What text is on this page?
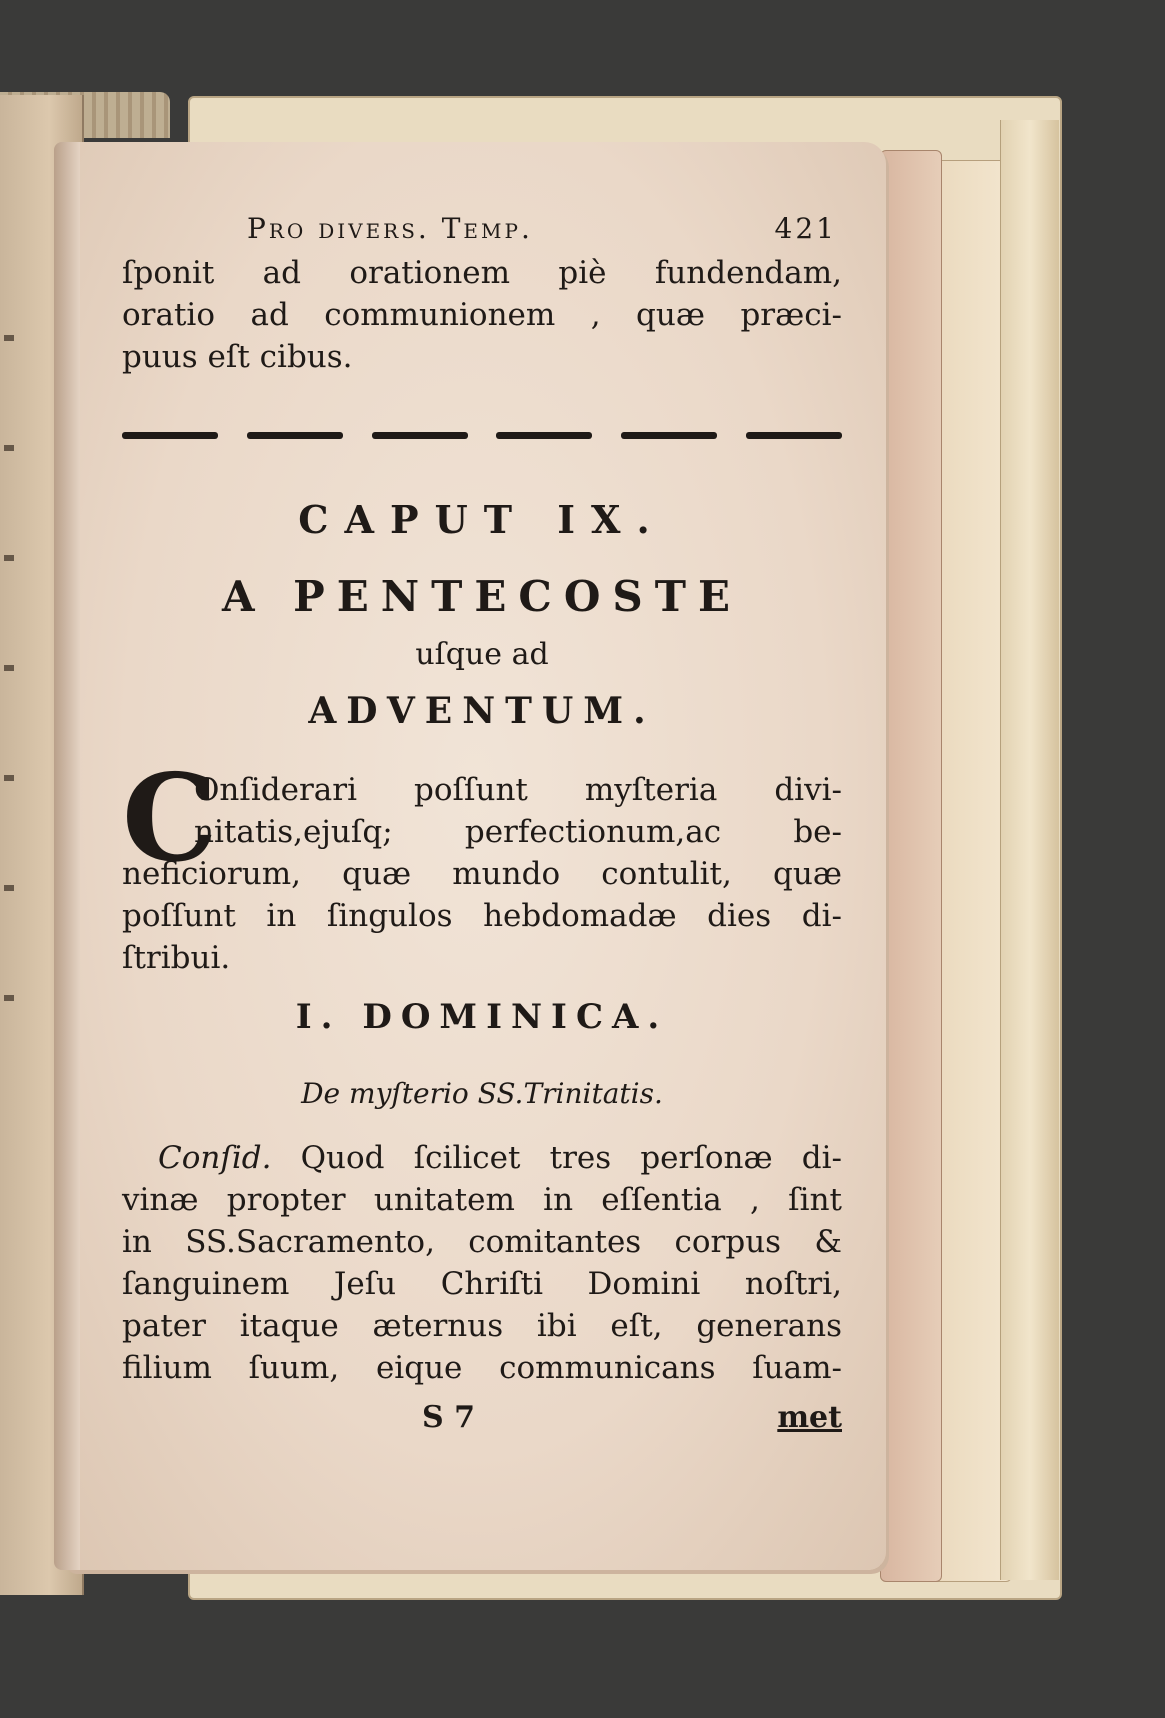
Pro divers. Temp.	421
ſponit ad orationem piè fundendam,
oratio ad communionem , quæ præci-
puus eſt cibus.
CAPUT IX.
A PENTECOSTE
uſque ad
ADVENTUM.
C
Onſiderari poſſunt myſteria divi-
nitatis,ejuſq; perfectionum,ac be-
neficiorum, quæ mundo contulit, quæ
poſſunt in ſingulos hebdomadæ dies di-
ſtribui.
I. DOMINICA.
De myſterio SS.Trinitatis.
Conſid. Quod ſcilicet tres perſonæ di-
vinæ propter unitatem in eſſentia , ſint
in SS.Sacramento, comitantes corpus &
ſanguinem Jeſu Chriſti Domini noſtri,
pater itaque æternus ibi eſt, generans
filium ſuum, eique communicans ſuam-
S 7	met
